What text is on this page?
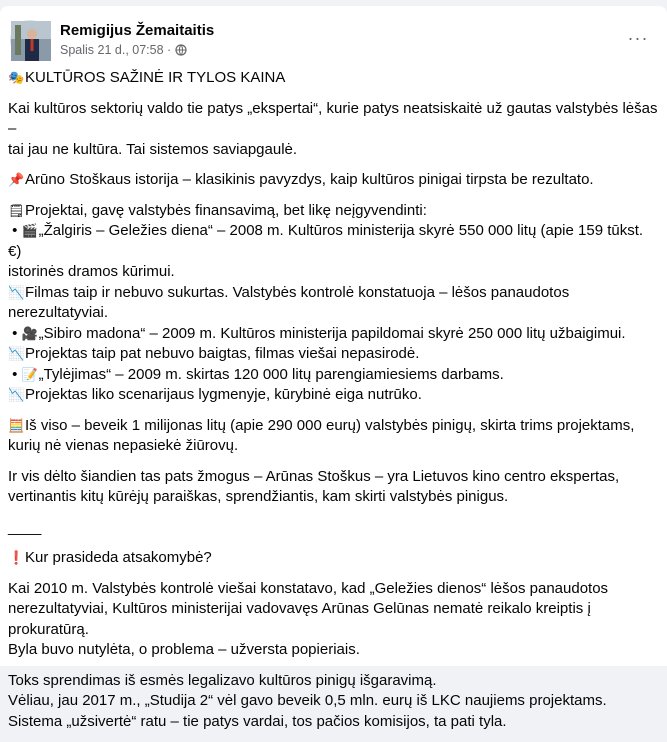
Remigijus Žemaitaitis
Spalis 21 d., 07:58 ·
···

🎭KULTŪROS SAŽINĖ IR TYLOS KAINA

Kai kultūros sektorių valdo tie patys „ekspertai“, kurie patys neatsiskaitė už gautas valstybės lėšas –
tai jau ne kultūra. Tai sistemos saviapgaulė.

📌Arūno Stoškaus istorija – klasikinis pavyzdys, kaip kultūros pinigai tirpsta be rezultato.

🗒Projektai, gavę valstybės finansavimą, bet likę neįgyvendinti:
• 🎬„Žalgiris – Geležies diena“ – 2008 m. Kultūros ministerija skyrė 550 000 litų (apie 159 tūkst. €)
istorinės dramos kūrimui.
📉Filmas taip ir nebuvo sukurtas. Valstybės kontrolė konstatuoja – lėšos panaudotos
nerezultatyviai.
• 🎥„Sibiro madona“ – 2009 m. Kultūros ministerija papildomai skyrė 250 000 litų užbaigimui.
📉Projektas taip pat nebuvo baigtas, filmas viešai nepasirodė.
• 📝„Tylėjimas“ – 2009 m. skirtas 120 000 litų parengiamiesiems darbams.
📉Projektas liko scenarijaus lygmenyje, kūrybinė eiga nutrūko.

🧮Iš viso – beveik 1 milijonas litų (apie 290 000 eurų) valstybės pinigų, skirta trims projektams,
kurių nė vienas nepasiekė žiūrovų.

Ir vis dėlto šiandien tas pats žmogus – Arūnas Stoškus – yra Lietuvos kino centro ekspertas,
vertinantis kitų kūrėjų paraiškas, sprendžiantis, kam skirti valstybės pinigus.

____

❗Kur prasideda atsakomybė?

Kai 2010 m. Valstybės kontrolė viešai konstatavo, kad „Geležies dienos“ lėšos panaudotos
nerezultatyviai, Kultūros ministerijai vadovavęs Arūnas Gelūnas nematė reikalo kreiptis į
prokuratūrą.
Byla buvo nutylėta, o problema – užversta popieriais.

Toks sprendimas iš esmės legalizavo kultūros pinigų išgaravimą.
Vėliau, jau 2017 m., „Studija 2“ vėl gavo beveik 0,5 mln. eurų iš LKC naujiems projektams.
Sistema „užsivertė“ ratu – tie patys vardai, tos pačios komisijos, ta pati tyla.
